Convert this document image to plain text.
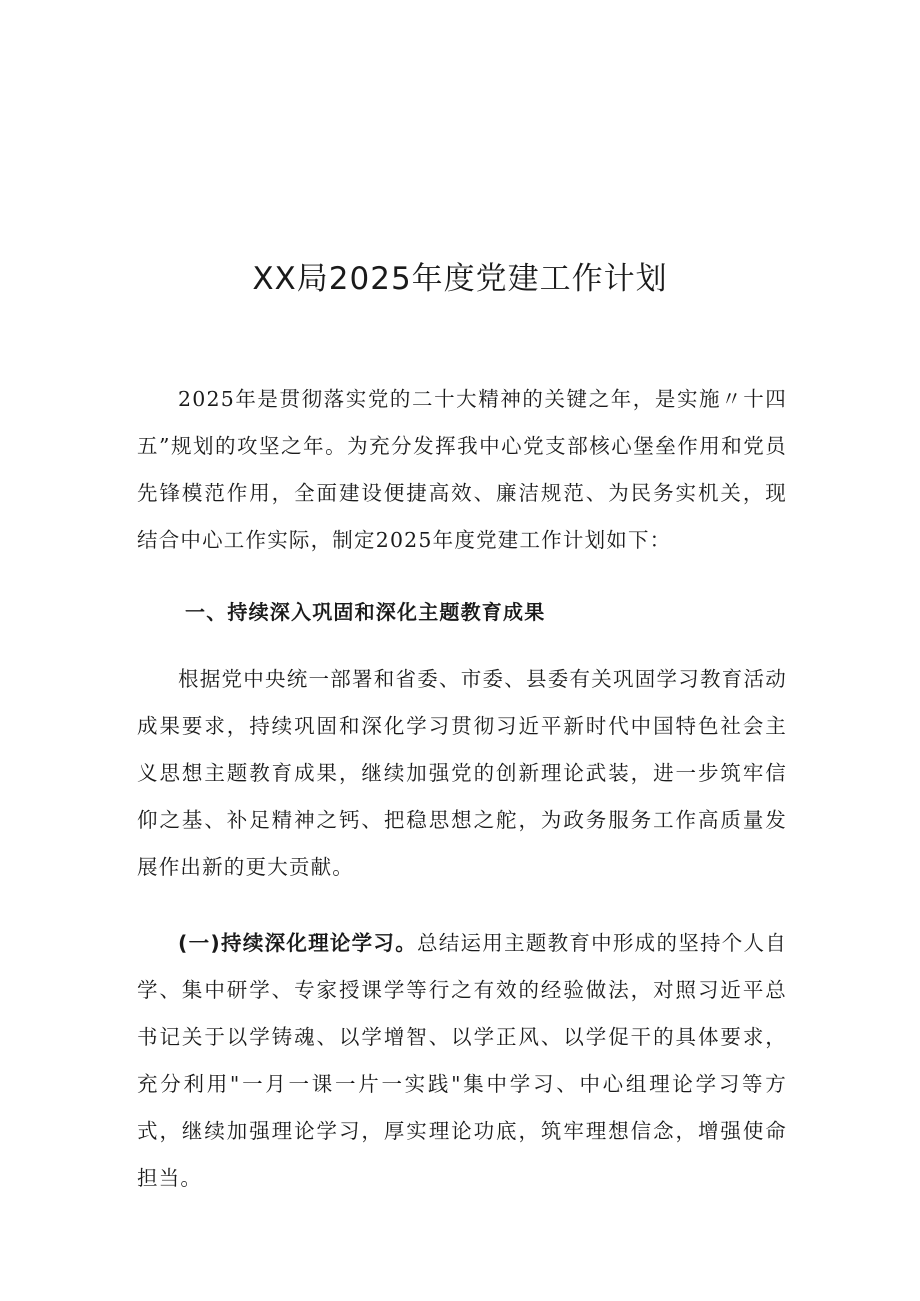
XX局2025年度党建工作计划

2025年是贯彻落实党的二十大精神的关键之年，是实施〃十四五”规划的攻坚之年。为充分发挥我中心党支部核心堡垒作用和党员先锋模范作用，全面建设便捷高效、廉洁规范、为民务实机关，现结合中心工作实际，制定2025年度党建工作计划如下：

一、持续深入巩固和深化主题教育成果

根据党中央统一部署和省委、市委、县委有关巩固学习教育活动成果要求，持续巩固和深化学习贯彻习近平新时代中国特色社会主义思想主题教育成果，继续加强党的创新理论武装，进一步筑牢信仰之基、补足精神之钙、把稳思想之舵，为政务服务工作高质量发展作出新的更大贡献。

(一)持续深化理论学习。总结运用主题教育中形成的坚持个人自学、集中研学、专家授课学等行之有效的经验做法，对照习近平总书记关于以学铸魂、以学增智、以学正风、以学促干的具体要求，充分利用"一月一课一片一实践"集中学习、中心组理论学习等方式，继续加强理论学习，厚实理论功底，筑牢理想信念，增强使命担当。
